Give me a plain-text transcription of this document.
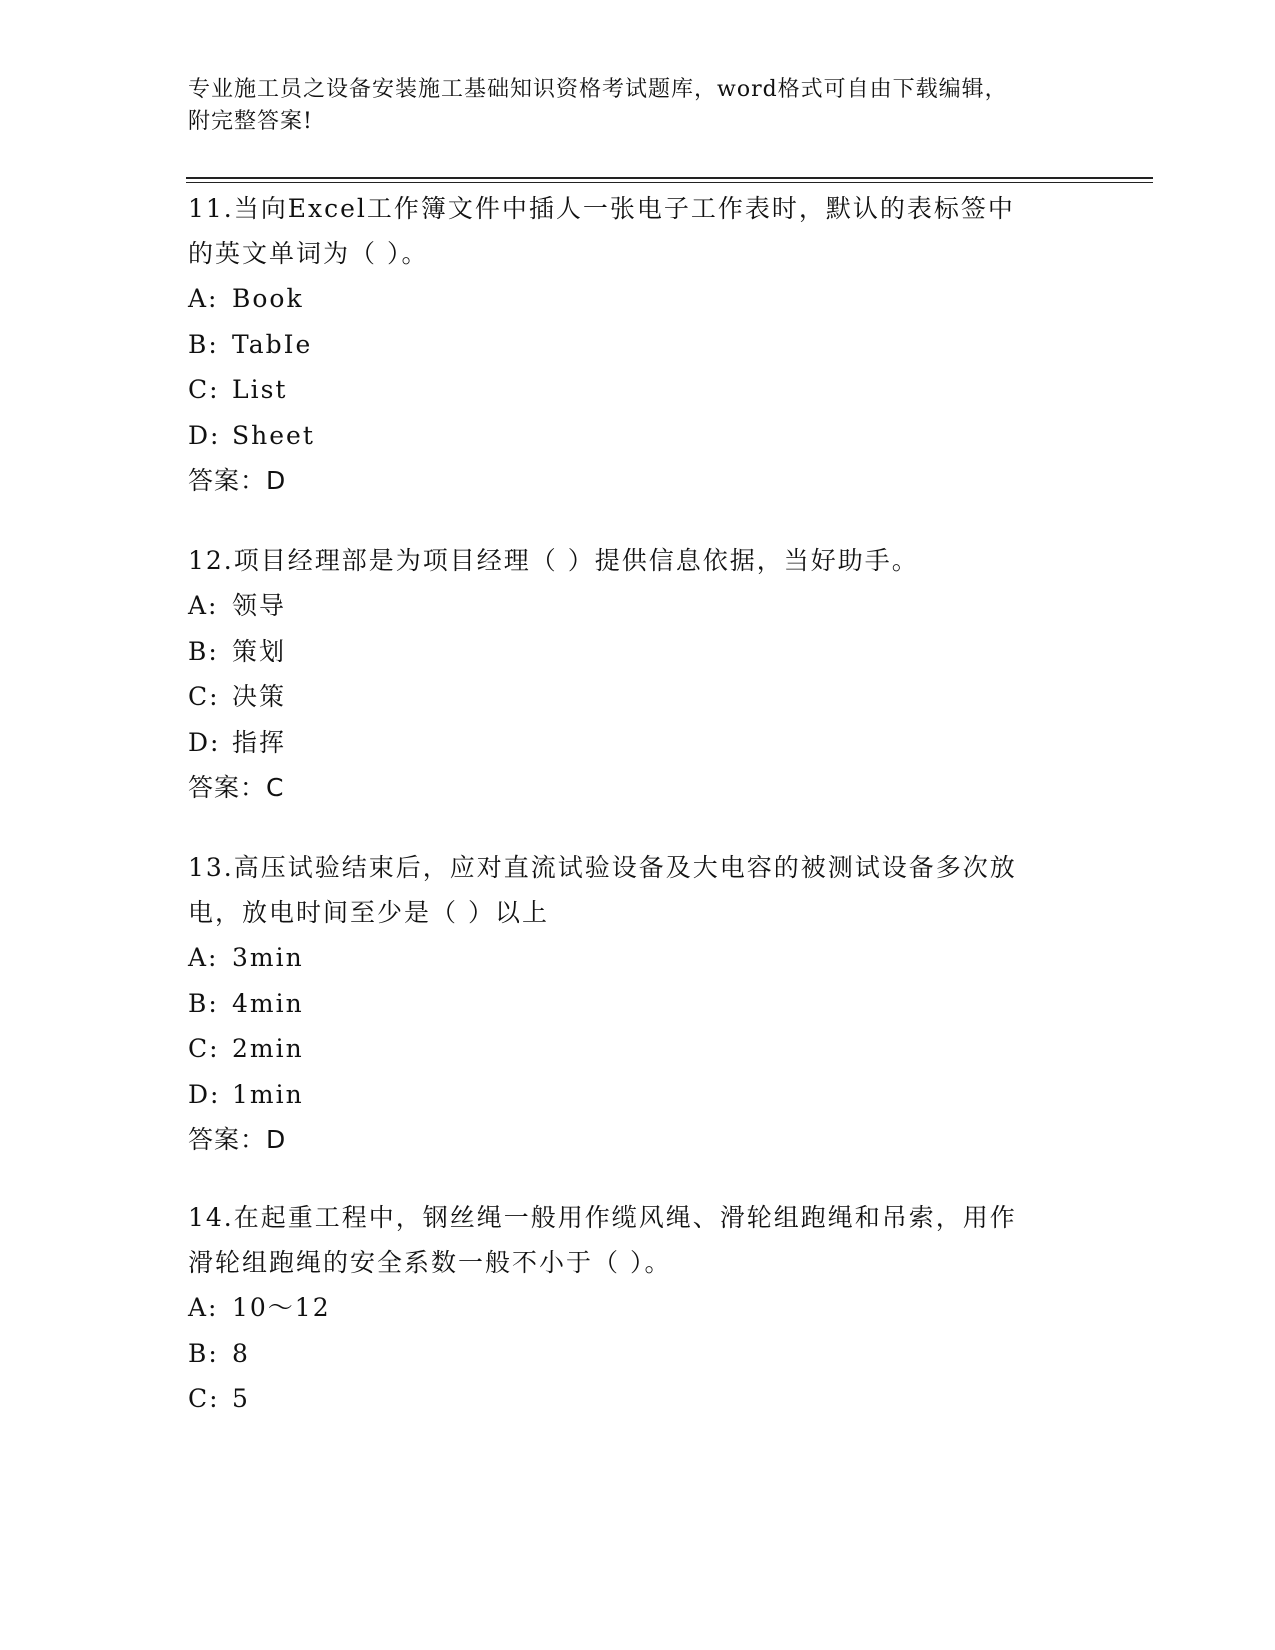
专业施工员之设备安装施工基础知识资格考试题库，word格式可自由下载编辑，
附完整答案!
11.当向Excel工作簿文件中插人一张电子工作表时，默认的表标签中
的英文单词为（ ）。
A: Book
B: TabIe
C: List
D: Sheet
答案：D
12.项目经理部是为项目经理（ ）提供信息依据，当好助手。
A: 领导
B: 策划
C: 决策
D: 指挥
答案：C
13.高压试验结束后，应对直流试验设备及大电容的被测试设备多次放
电，放电时间至少是（ ）以上
A: 3min
B: 4min
C: 2min
D: 1min
答案：D
14.在起重工程中，钢丝绳一般用作缆风绳、滑轮组跑绳和吊索，用作
滑轮组跑绳的安全系数一般不小于（ ）。
A: 10～12
B: 8
C: 5
